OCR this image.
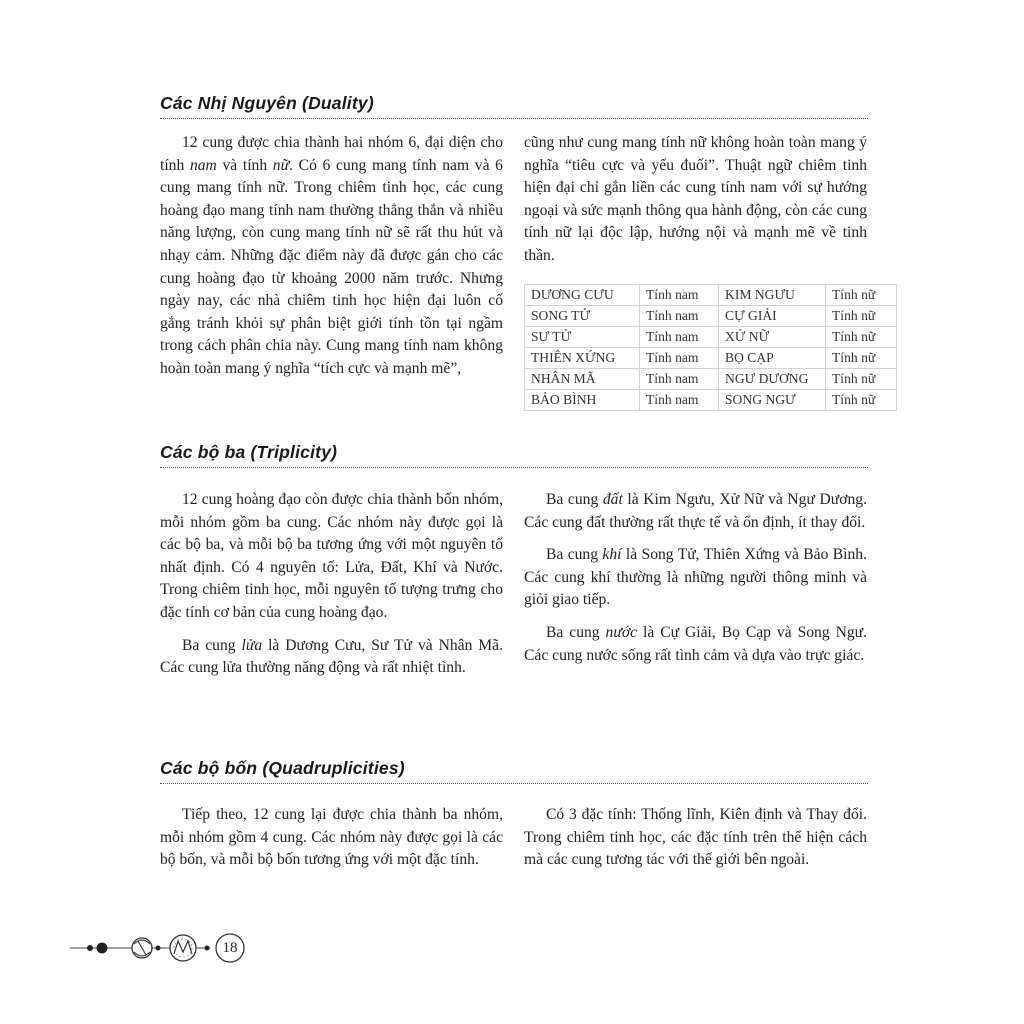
Các Nhị Nguyên (Duality)

12 cung được chia thành hai nhóm 6, đại diện cho tính nam và tính nữ. Có 6 cung mang tính nam và 6 cung mang tính nữ. Trong chiêm tinh học, các cung hoàng đạo mang tính nam thường thẳng thắn và nhiều năng lượng, còn cung mang tính nữ sẽ rất thu hút và nhạy cảm. Những đặc điểm này đã được gán cho các cung hoàng đạo từ khoảng 2000 năm trước. Nhưng ngày nay, các nhà chiêm tinh học hiện đại luôn cố gắng tránh khỏi sự phân biệt giới tính tồn tại ngầm trong cách phân chia này. Cung mang tính nam không hoàn toàn mang ý nghĩa “tích cực và mạnh mẽ”,

cũng như cung mang tính nữ không hoàn toàn mang ý nghĩa “tiêu cực và yếu đuối”. Thuật ngữ chiêm tinh hiện đại chỉ gắn liền các cung tính nam với sự hướng ngoại và sức mạnh thông qua hành động, còn các cung tính nữ lại độc lập, hướng nội và mạnh mẽ về tinh thần.

DƯƠNG CƯU	Tính nam	KIM NGƯU	Tính nữ
SONG TỬ	Tính nam	CỰ GIẢI	Tính nữ
SƯ TỬ	Tính nam	XỬ NỮ	Tính nữ
THIÊN XỨNG	Tính nam	BỌ CẠP	Tính nữ
NHÂN MÃ	Tính nam	NGƯ DƯƠNG	Tính nữ
BẢO BÌNH	Tính nam	SONG NGƯ	Tính nữ
Các bộ ba (Triplicity)

12 cung hoàng đạo còn được chia thành bốn nhóm, mỗi nhóm gồm ba cung. Các nhóm này được gọi là các bộ ba, và mỗi bộ ba tương ứng với một nguyên tố nhất định. Có 4 nguyên tố: Lửa, Đất, Khí và Nước. Trong chiêm tinh học, mỗi nguyên tố tượng trưng cho đặc tính cơ bản của cung hoàng đạo.

Ba cung lửa là Dương Cưu, Sư Tử và Nhân Mã. Các cung lửa thường năng động và rất nhiệt tình.

Ba cung đất là Kim Ngưu, Xử Nữ và Ngư Dương. Các cung đất thường rất thực tế và ổn định, ít thay đổi.

Ba cung khí là Song Tử, Thiên Xứng và Bảo Bình. Các cung khí thường là những người thông minh và giỏi giao tiếp.

Ba cung nước là Cự Giải, Bọ Cạp và Song Ngư. Các cung nước sống rất tình cảm và dựa vào trực giác.

Các bộ bốn (Quadruplicities)

Tiếp theo, 12 cung lại được chia thành ba nhóm, mỗi nhóm gồm 4 cung. Các nhóm này được gọi là các bộ bốn, và mỗi bộ bốn tương ứng với một đặc tính.

Có 3 đặc tính: Thống lĩnh, Kiên định và Thay đổi. Trong chiêm tinh học, các đặc tính trên thể hiện cách mà các cung tương tác với thế giới bên ngoài.

18
